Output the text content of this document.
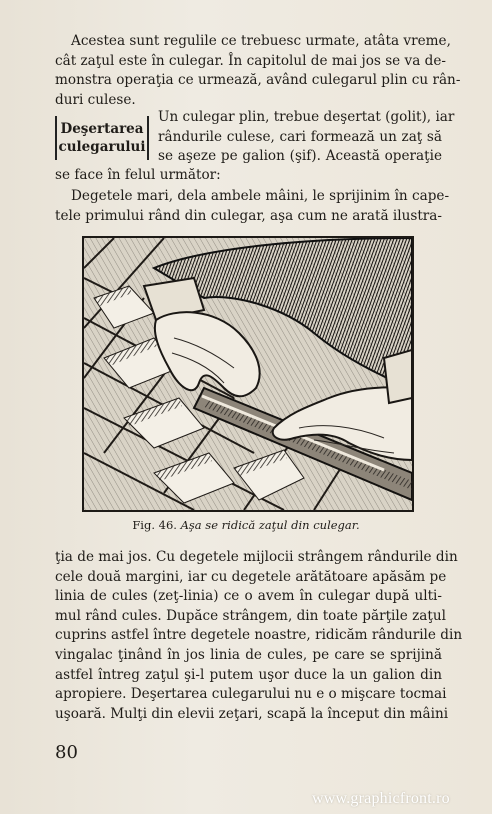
Acestea sunt regulile ce trebuesc urmate, atâta vreme,
cât zaţul este în culegar. În capitolul de mai jos se va de-
monstra operaţia ce urmează, având culegarul plin cu rân-
duri culese.
Deşertarea
culegarului
Un culegar plin, trebue deşertat (golit), iar
rândurile culese, cari formează un zaţ să
se aşeze pe galion (şif). Această operaţie
se face în felul următor:
Degetele mari, dela ambele mâini, le sprijinim în cape-
tele primului rând din culegar, aşa cum ne arată ilustra-
Fig. 46. Aşa se ridică zaţul din culegar.
ţia de mai jos. Cu degetele mijlocii strângem rândurile din
cele două margini, iar cu degetele arătătoare apăsăm pe
linia de cules (zeţ-linia) ce o avem în culegar după ulti-
mul rând cules. Dupăce strângem, din toate părţile zaţul
cuprins astfel între degetele noastre, ridicăm rândurile din
vingalac ţinând în jos linia de cules, pe care se sprijină
astfel întreg zaţul şi-l putem uşor duce la un galion din
apropiere. Deşertarea culegarului nu e o mişcare tocmai
uşoară. Mulţi din elevii zeţari, scapă la început din mâini
80
www.graphicfront.ro
